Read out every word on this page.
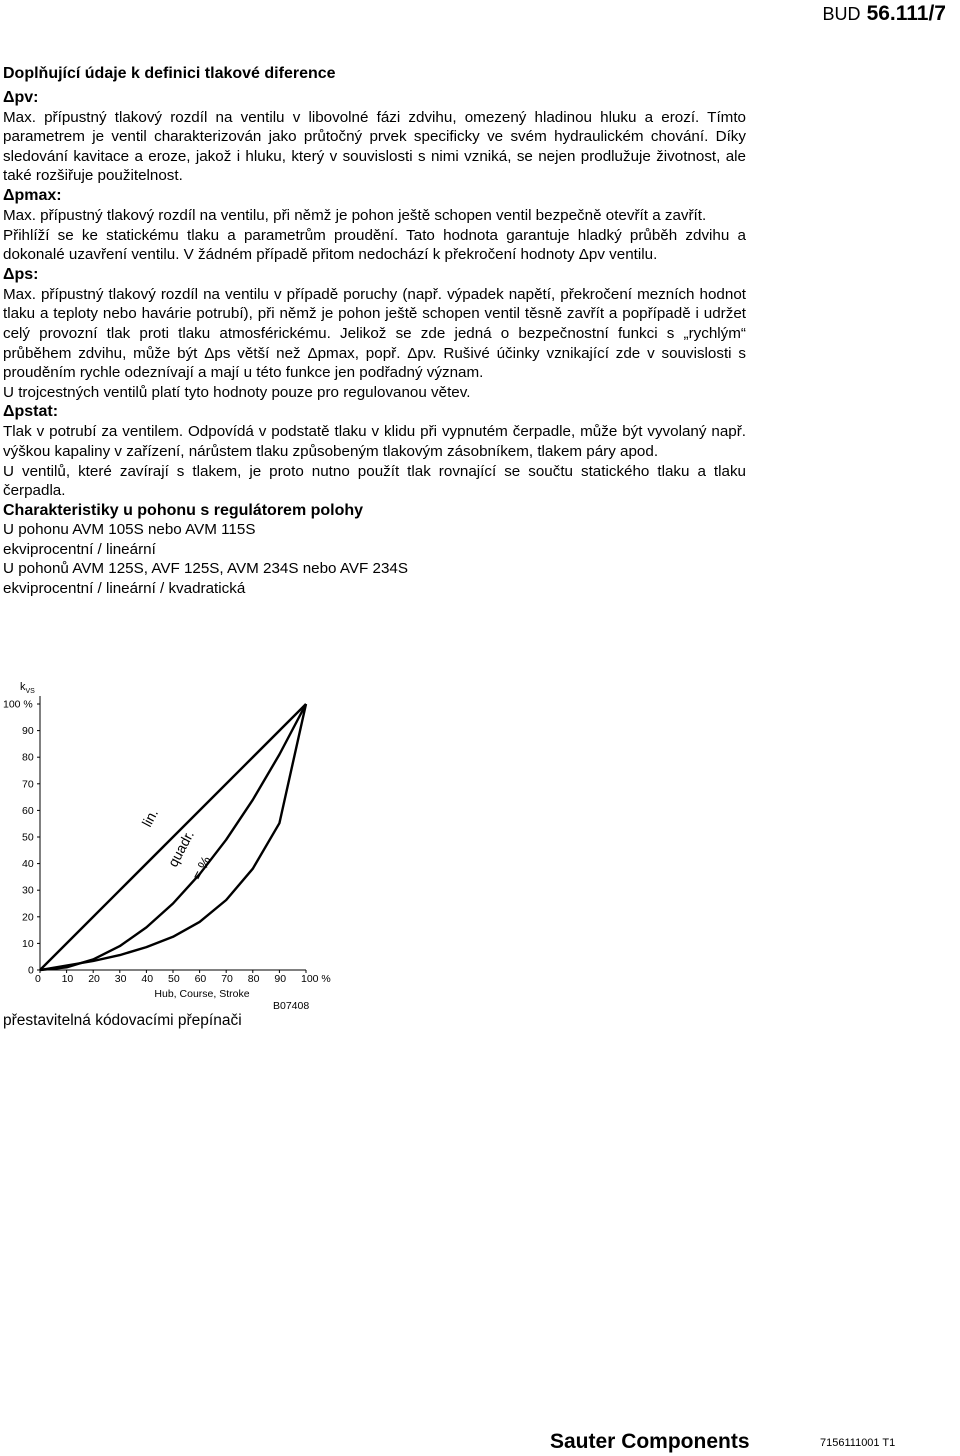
BUD 56.111/7

Doplňující údaje k definici tlakové diference

Δpv:

Max. přípustný tlakový rozdíl na ventilu v libovolné fázi zdvihu, omezený hladinou hluku a erozí. Tímto parametrem je ventil charakterizován jako průtočný prvek specificky ve svém hydraulickém chování. Díky sledování kavitace a eroze, jakož i hluku, který v souvislosti s nimi vzniká, se nejen prodlužuje životnost, ale také rozšiřuje použitelnost.

Δpmax:

Max. přípustný tlakový rozdíl na ventilu, při němž je pohon ještě schopen ventil bezpečně otevřít a zavřít.

Přihlíží se ke statickému tlaku a parametrům proudění. Tato hodnota garantuje hladký průběh zdvihu a dokonalé uzavření ventilu. V žádném případě přitom nedochází k překročení hodnoty Δpv ventilu.

Δps:

Max. přípustný tlakový rozdíl na ventilu v případě poruchy (např. výpadek napětí, překročení mezních hodnot tlaku a teploty nebo havárie potrubí), při němž je pohon ještě schopen ventil těsně zavřít a popřípadě i udržet celý provozní tlak proti tlaku atmosférickému. Jelikož se zde jedná o bezpečnostní funkci s „rychlým“ průběhem zdvihu, může být Δps větší než Δpmax, popř. Δpv. Rušivé účinky vznikající zde v souvislosti s prouděním rychle odeznívají a mají u této funkce jen podřadný význam.

U trojcestných ventilů platí tyto hodnoty pouze pro regulovanou větev.

Δpstat:

Tlak v potrubí za ventilem. Odpovídá v podstatě tlaku v klidu při vypnutém čerpadle, může být vyvolaný např. výškou kapaliny v zařízení, nárůstem tlaku způsobeným tlakovým zásobníkem, tlakem páry apod.

U ventilů, které zavírají s tlakem, je proto nutno použít tlak rovnající se součtu statického tlaku a tlaku čerpadla.

Charakteristiky u pohonu s regulátorem polohy

U pohonu AVM 105S nebo AVM 115S

ekviprocentní / lineární

U pohonů AVM 125S, AVF 125S, AVM 234S nebo AVF 234S

ekviprocentní / lineární / kvadratická

$k_{VS}$
0
10
20
30
40
50
60
70
80
90
100 %
0 10 20 30 40 50 60 70 80 90 100 %
lin.
quadr.
= %
Hub, Course, Stroke
B07408
přestavitelná kódovacími přepínači
Sauter Components	7156111001 T1
